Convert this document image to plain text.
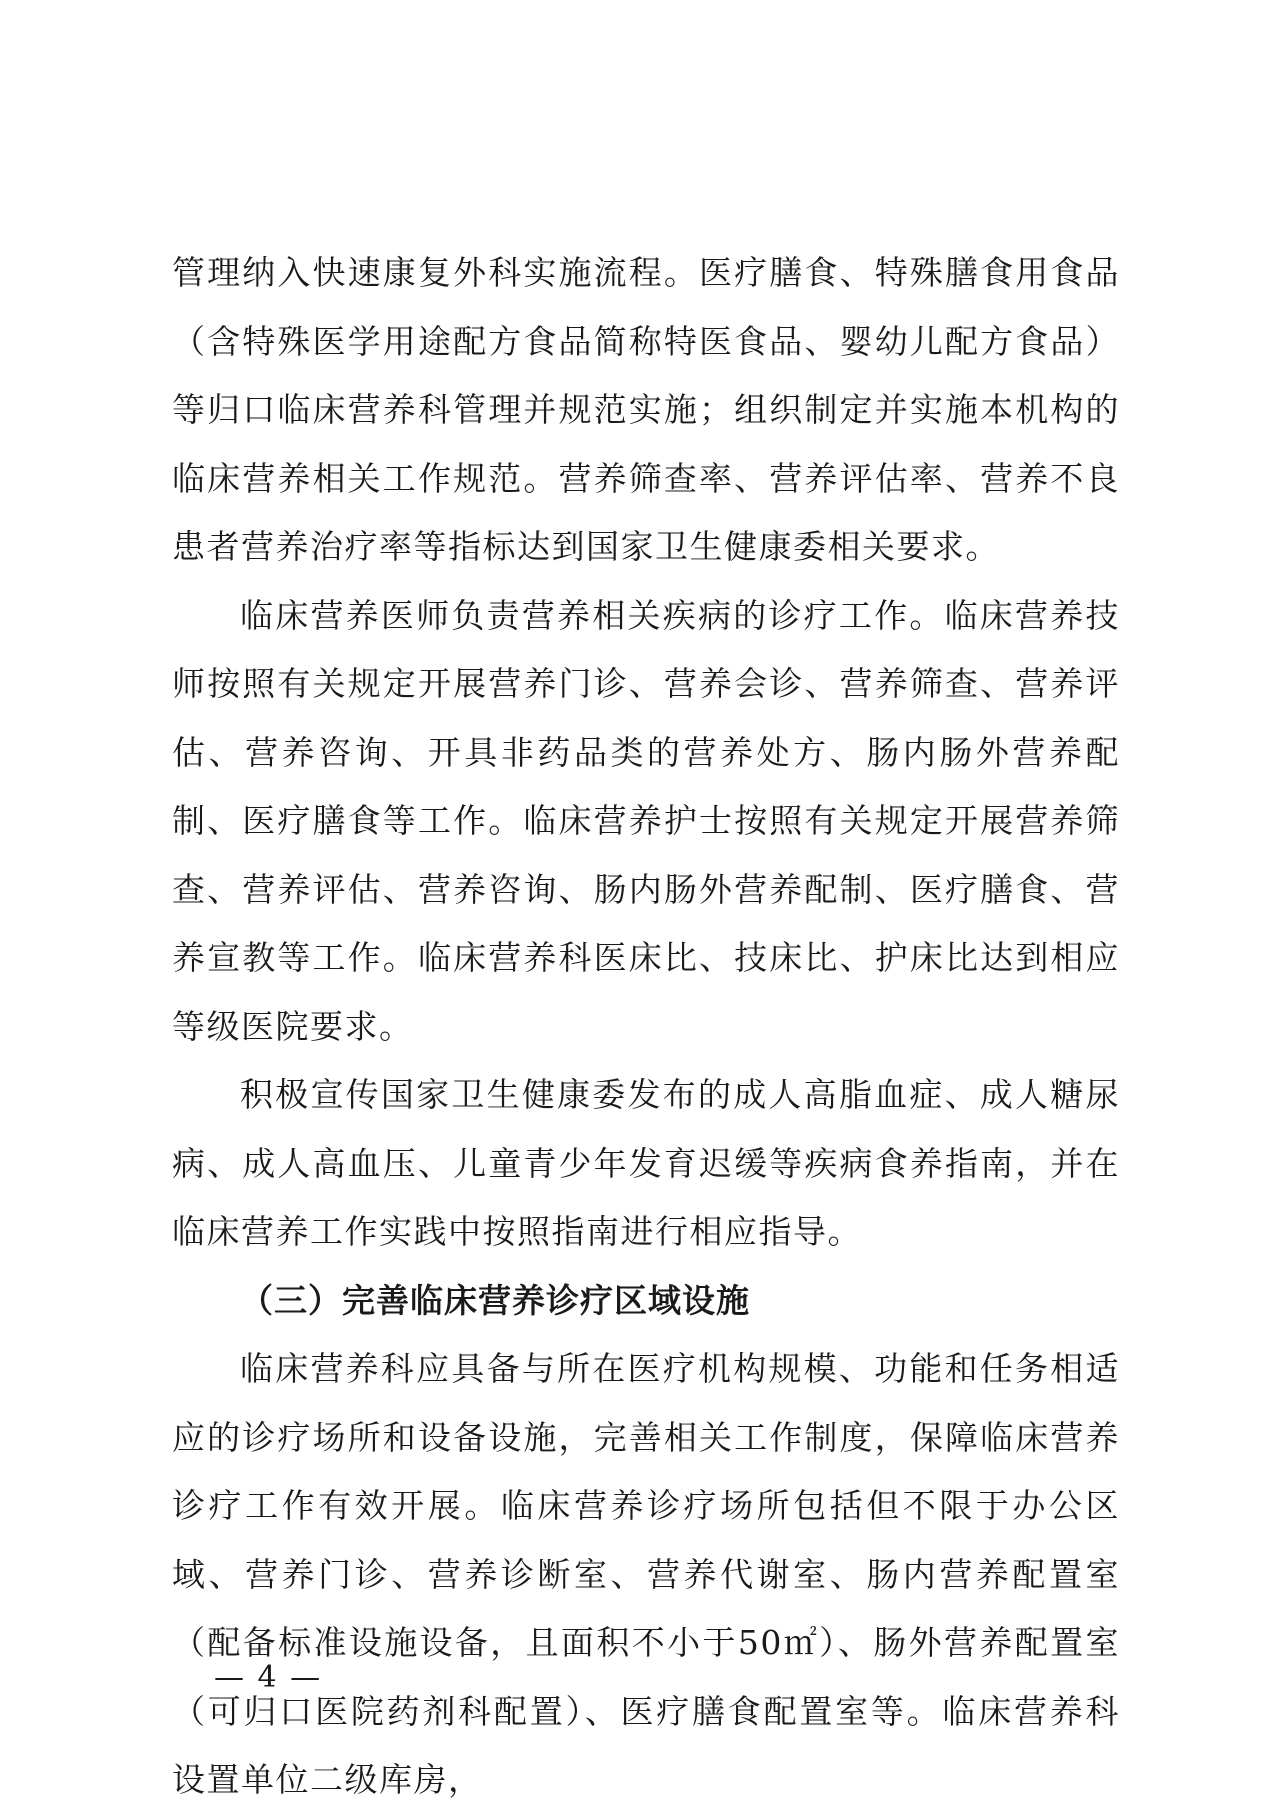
管理纳入快速康复外科实施流程。医疗膳食、特殊膳食用食品（含特殊医学用途配方食品简称特医食品、婴幼儿配方食品）等归口临床营养科管理并规范实施；组织制定并实施本机构的临床营养相关工作规范。营养筛查率、营养评估率、营养不良患者营养治疗率等指标达到国家卫生健康委相关要求。

临床营养医师负责营养相关疾病的诊疗工作。临床营养技师按照有关规定开展营养门诊、营养会诊、营养筛查、营养评估、营养咨询、开具非药品类的营养处方、肠内肠外营养配制、医疗膳食等工作。临床营养护士按照有关规定开展营养筛查、营养评估、营养咨询、肠内肠外营养配制、医疗膳食、营养宣教等工作。临床营养科医床比、技床比、护床比达到相应等级医院要求。

积极宣传国家卫生健康委发布的成人高脂血症、成人糖尿病、成人高血压、儿童青少年发育迟缓等疾病食养指南，并在临床营养工作实践中按照指南进行相应指导。

（三）完善临床营养诊疗区域设施

临床营养科应具备与所在医疗机构规模、功能和任务相适应的诊疗场所和设备设施，完善相关工作制度，保障临床营养诊疗工作有效开展。临床营养诊疗场所包括但不限于办公区域、营养门诊、营养诊断室、营养代谢室、肠内营养配置室（配备标准设施设备，且面积不小于50㎡）、肠外营养配置室（可归口医院药剂科配置）、医疗膳食配置室等。临床营养科设置单位二级库房，

— 4 —
